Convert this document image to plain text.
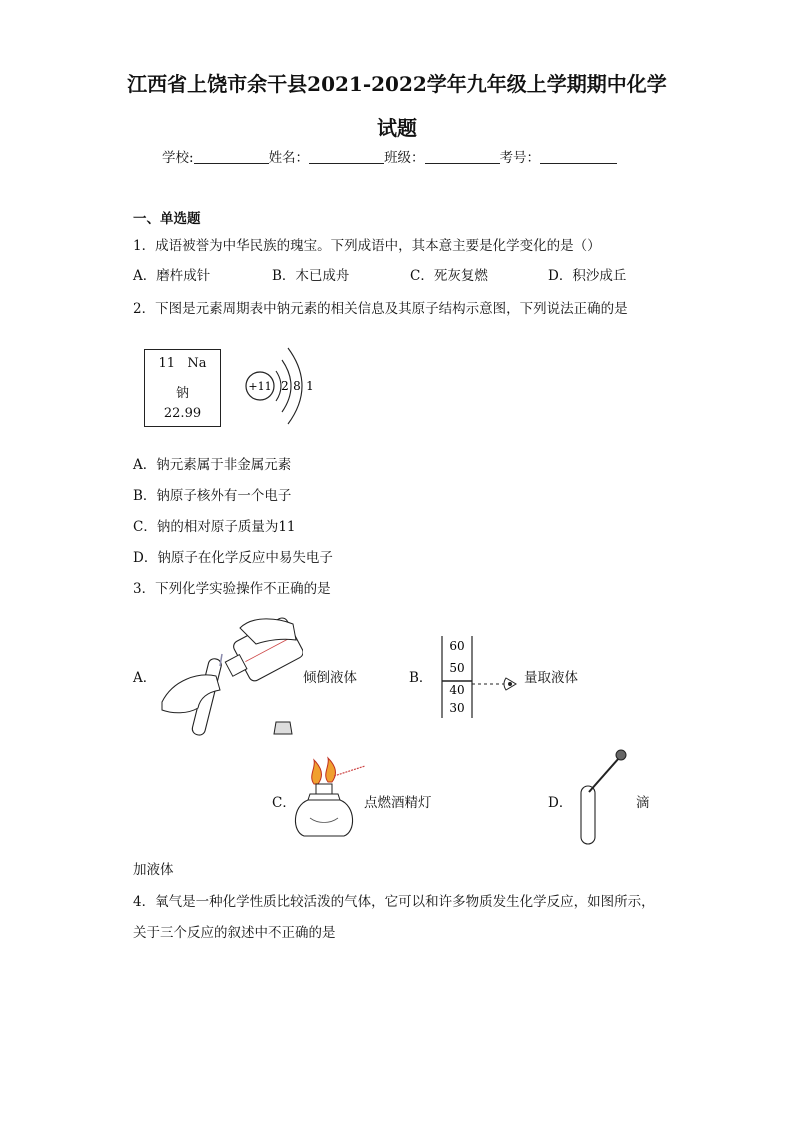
江西省上饶市余干县2021-2022学年九年级上学期期中化学
试题
学校:	姓名：	班级：	考号：
一、单选题
1．成语被誉为中华民族的瑰宝。下列成语中，其本意主要是化学变化的是（）
A．磨杵成针	B．木已成舟	C．死灰复燃	D．积沙成丘
2．下图是元素周期表中钠元素的相关信息及其原子结构示意图，下列说法正确的是
11 Na
钠
22.99
+11 2 8 1
A．钠元素属于非金属元素
B．钠原子核外有一个电子
C．钠的相对原子质量为11
D．钠原子在化学反应中易失电子
3．下列化学实验操作不正确的是
A．	倾倒液体	B．
60
50
40
30
量取液体
C．	点燃酒精灯	D．	滴
加液体
4．氧气是一种化学性质比较活泼的气体，它可以和许多物质发生化学反应，如图所示，
关于三个反应的叙述中不正确的是
